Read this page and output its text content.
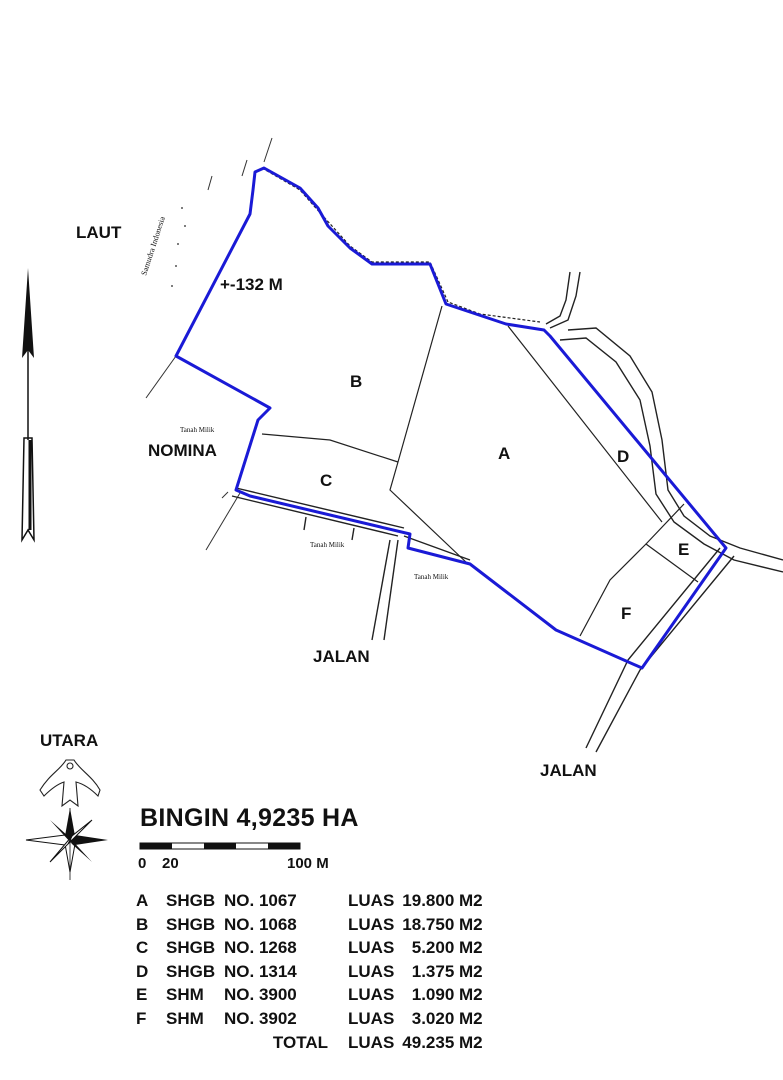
LAUT Samudra Indonesia
+-132 M
NOMINA
Tanah Milik
Tanah Milik
Tanah Milik
JALAN
JALAN
B
A
C
D
E
F
UTARA
BINGIN 4,9235 HA
0 20	100 M
A	SHGB	NO. 1067	LUAS	19.800 M2
B	SHGB	NO. 1068	LUAS	18.750 M2
C	SHGB	NO. 1268	LUAS	5.200 M2
D	SHGB	NO. 1314	LUAS	1.375 M2
E	SHM	NO. 3900	LUAS	1.090 M2
F	SHM	NO. 3902	LUAS	3.020 M2
		TOTAL	LUAS	49.235 M2
